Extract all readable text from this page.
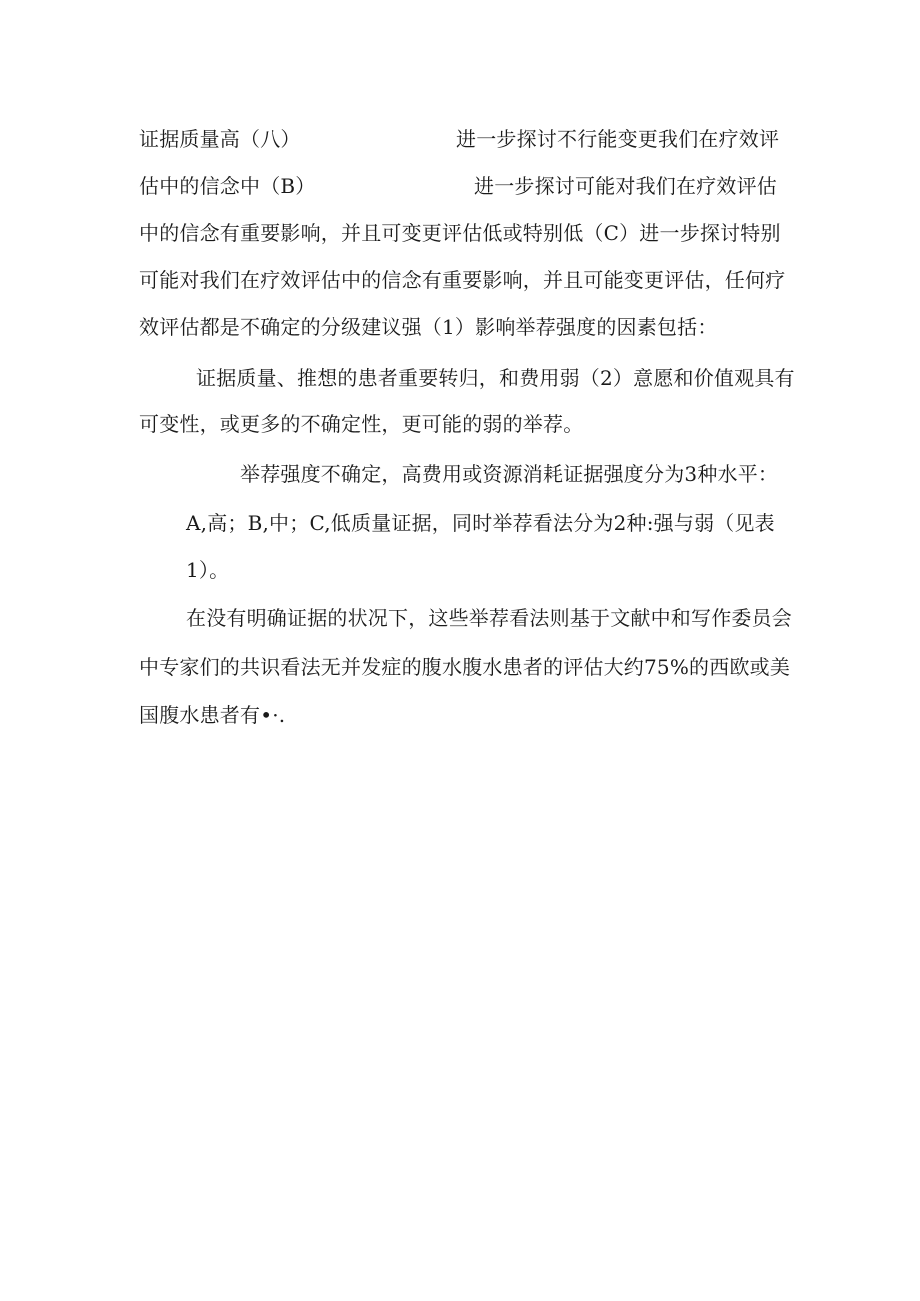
证据质量高（八）	进一步探讨不行能变更我们在疗效评
估中的信念中（B）	进一步探讨可能对我们在疗效评估
中的信念有重要影响，并且可变更评估低或特别低（C）进一步探讨特别
可能对我们在疗效评估中的信念有重要影响，并且可能变更评估，任何疗
效评估都是不确定的分级建议强（1）影响举荐强度的因素包括：
证据质量、推想的患者重要转归，和费用弱（2）意愿和价值观具有
可变性，或更多的不确定性，更可能的弱的举荐。
举荐强度不确定，高费用或资源消耗证据强度分为3种水平：
A,高；B,中；C,低质量证据，同时举荐看法分为2种:强与弱（见表
1）。
在没有明确证据的状况下，这些举荐看法则基于文献中和写作委员会
中专家们的共识看法无并发症的腹水腹水患者的评估大约75%的西欧或美
国腹水患者有•·.
